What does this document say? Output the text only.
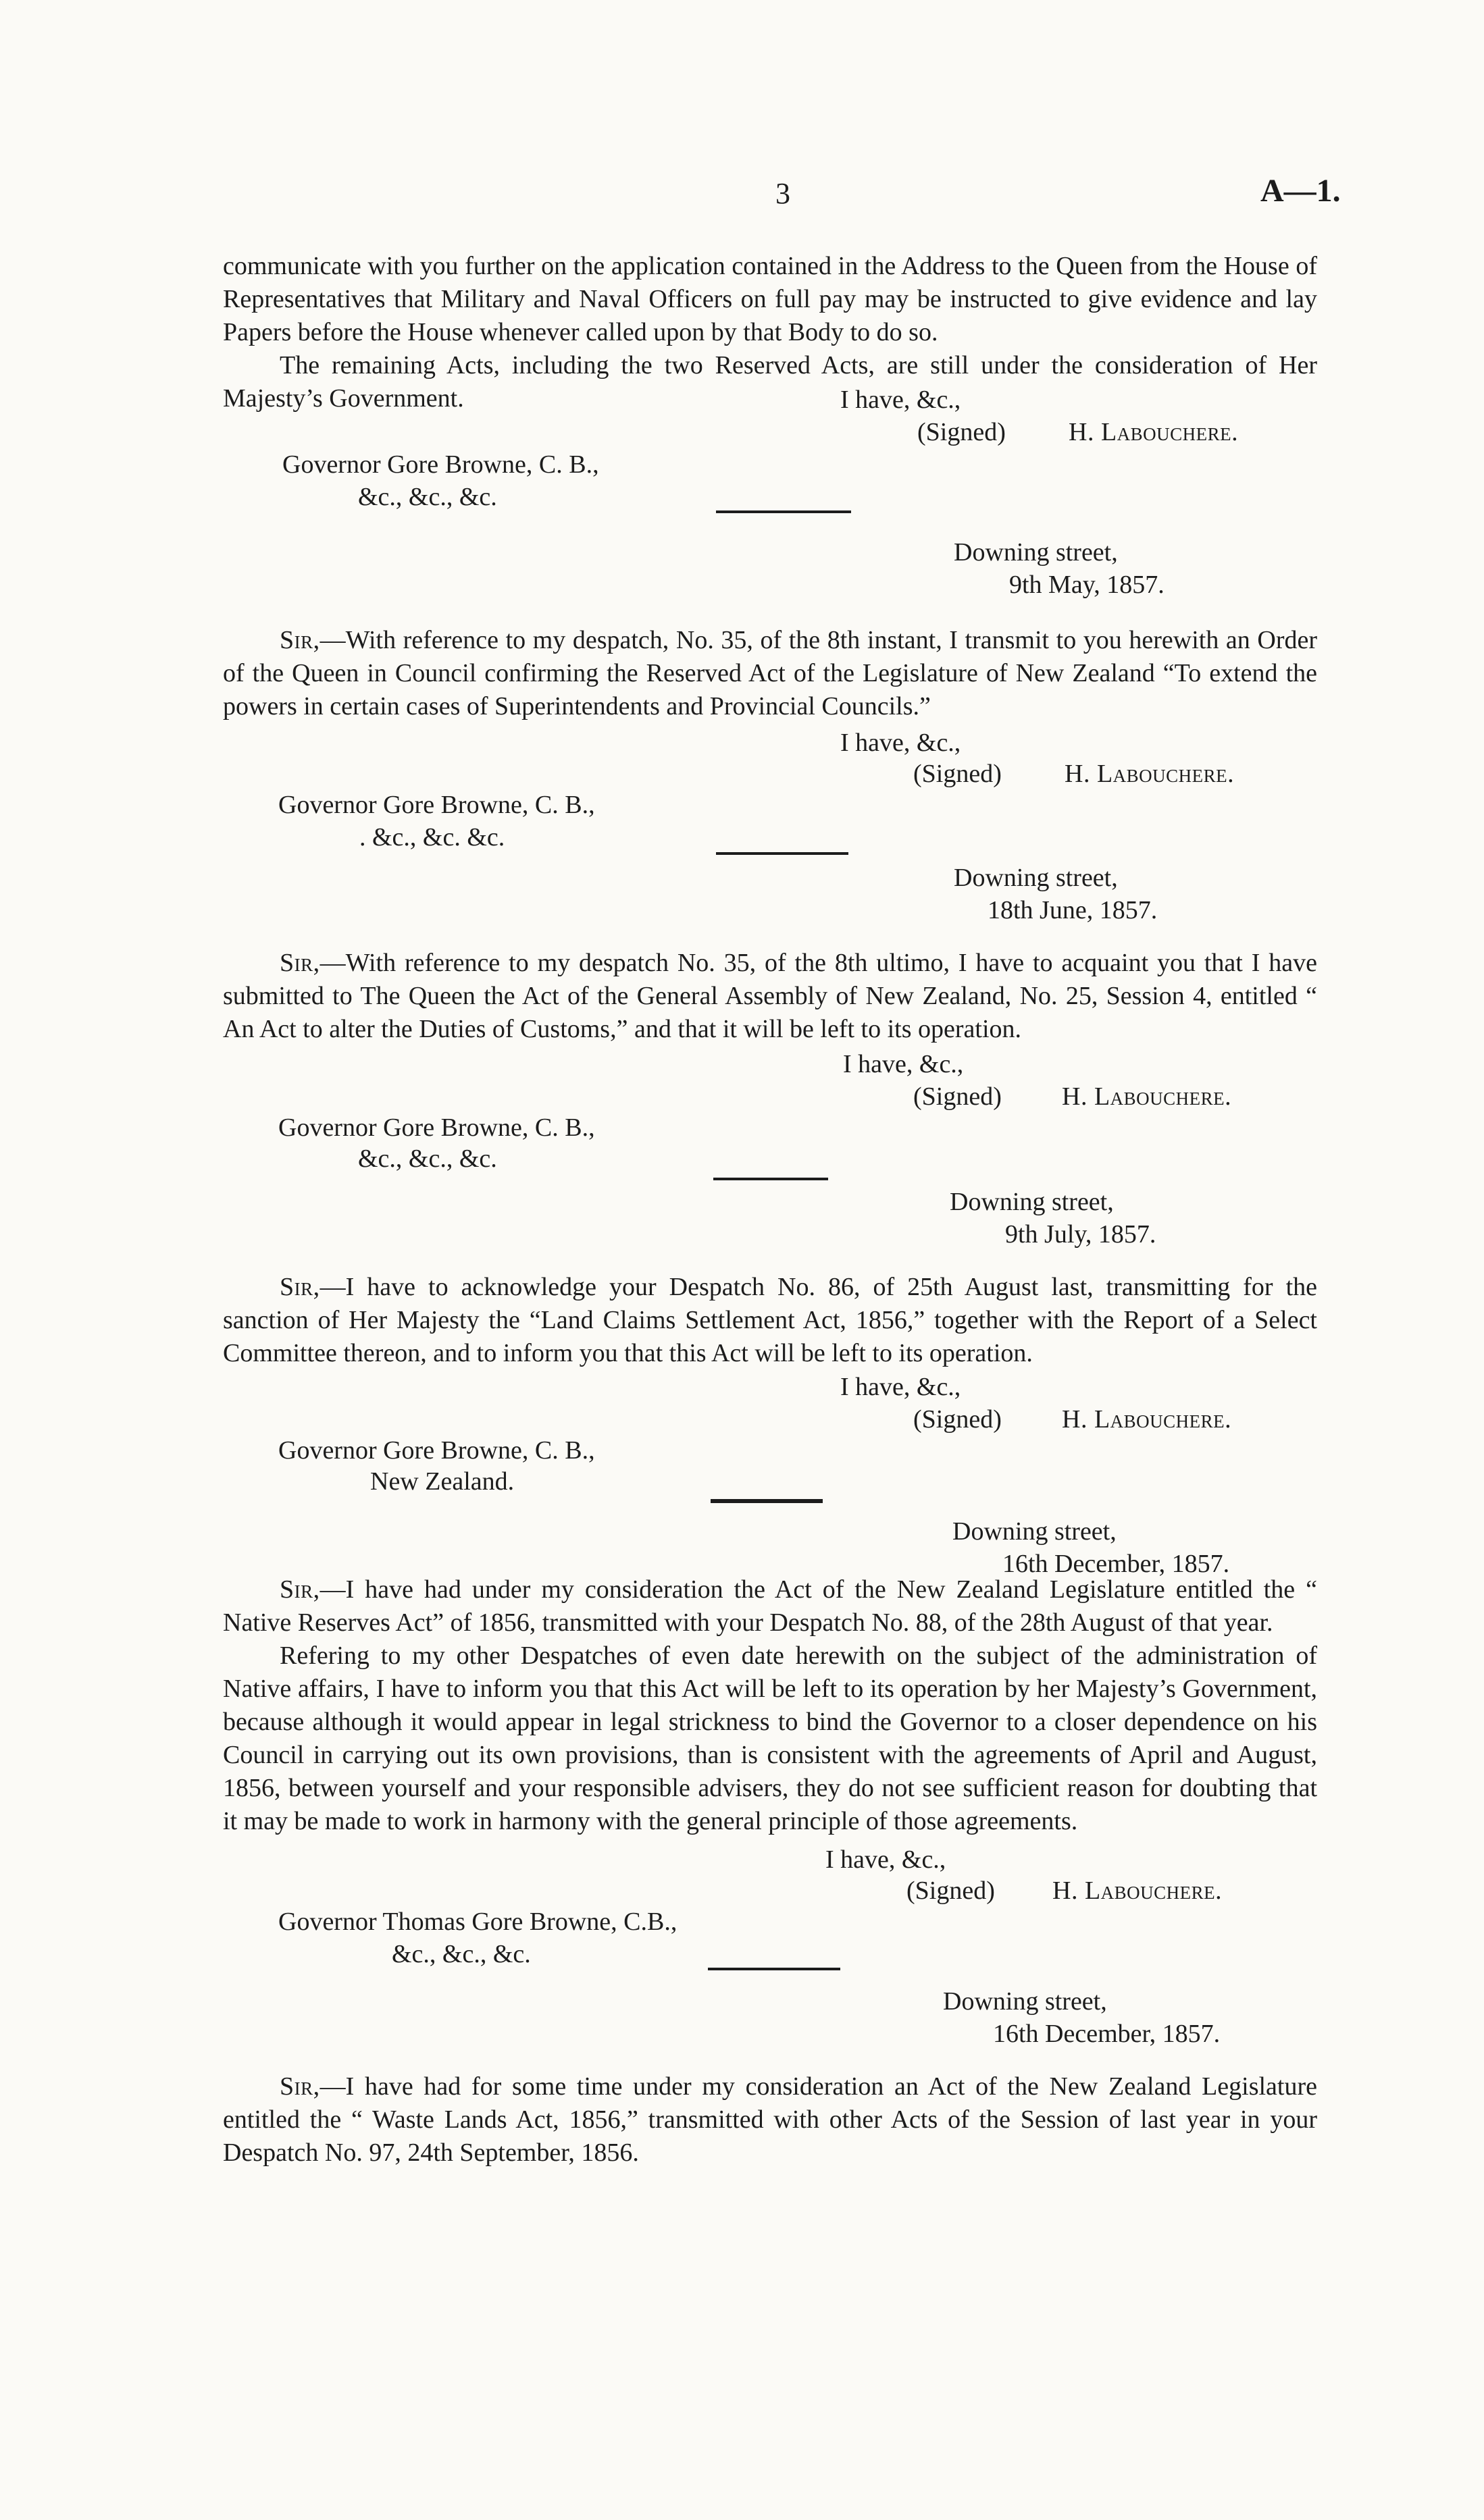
3	A—1.

communicate with you further on the application contained in the Address to the Queen from the House of Representatives that Military and Naval Officers on full pay may be instructed to give evidence and lay Papers before the House whenever called upon by that Body to do so.

The remaining Acts, including the two Reserved Acts, are still under the consideration of Her Majesty’s Government.	I have, &c.,
(Signed) H. Labouchere.
Governor Gore Browne, C. B.,
&c., &c., &c.
Downing street,
9th May, 1857.

Sir,—With reference to my despatch, No. 35, of the 8th instant, I transmit to you herewith an Order of the Queen in Council confirming the Reserved Act of the Legislature of New Zealand “To extend the powers in certain cases of Superintendents and Provincial Councils.”

I have, &c.,
(Signed) H. Labouchere.
Governor Gore Browne, C. B.,
. &c., &c. &c.
Downing street,
18th June, 1857.

Sir,—With reference to my despatch No. 35, of the 8th ultimo, I have to acquaint you that I have submitted to The Queen the Act of the General Assembly of New Zealand, No. 25, Session 4, entitled “ An Act to alter the Duties of Customs,” and that it will be left to its operation.

I have, &c.,
(Signed) H. Labouchere.
Governor Gore Browne, C. B.,
&c., &c., &c.
Downing street,
9th July, 1857.

Sir,—I have to acknowledge your Despatch No. 86, of 25th August last, transmitting for the sanction of Her Majesty the “Land Claims Settlement Act, 1856,” together with the Report of a Select Committee thereon, and to inform you that this Act will be left to its operation.

I have, &c.,
(Signed) H. Labouchere.
Governor Gore Browne, C. B.,
New Zealand.
Downing street,
16th December, 1857.

Sir,—I have had under my consideration the Act of the New Zealand Legislature entitled the “ Native Reserves Act” of 1856, transmitted with your Despatch No. 88, of the 28th August of that year.

Refering to my other Despatches of even date herewith on the subject of the administration of Native affairs, I have to inform you that this Act will be left to its operation by her Majesty’s Government, because although it would appear in legal strickness to bind the Governor to a closer dependence on his Council in carrying out its own provisions, than is consistent with the agreements of April and August, 1856, between yourself and your responsible advisers, they do not see sufficient reason for doubting that it may be made to work in harmony with the general principle of those agreements.

I have, &c.,
(Signed) H. Labouchere.
Governor Thomas Gore Browne, C.B.,
&c., &c., &c.
Downing street,
16th December, 1857.

Sir,—I have had for some time under my consideration an Act of the New Zealand Legislature entitled the “ Waste Lands Act, 1856,” transmitted with other Acts of the Session of last year in your Despatch No. 97, 24th September, 1856.
